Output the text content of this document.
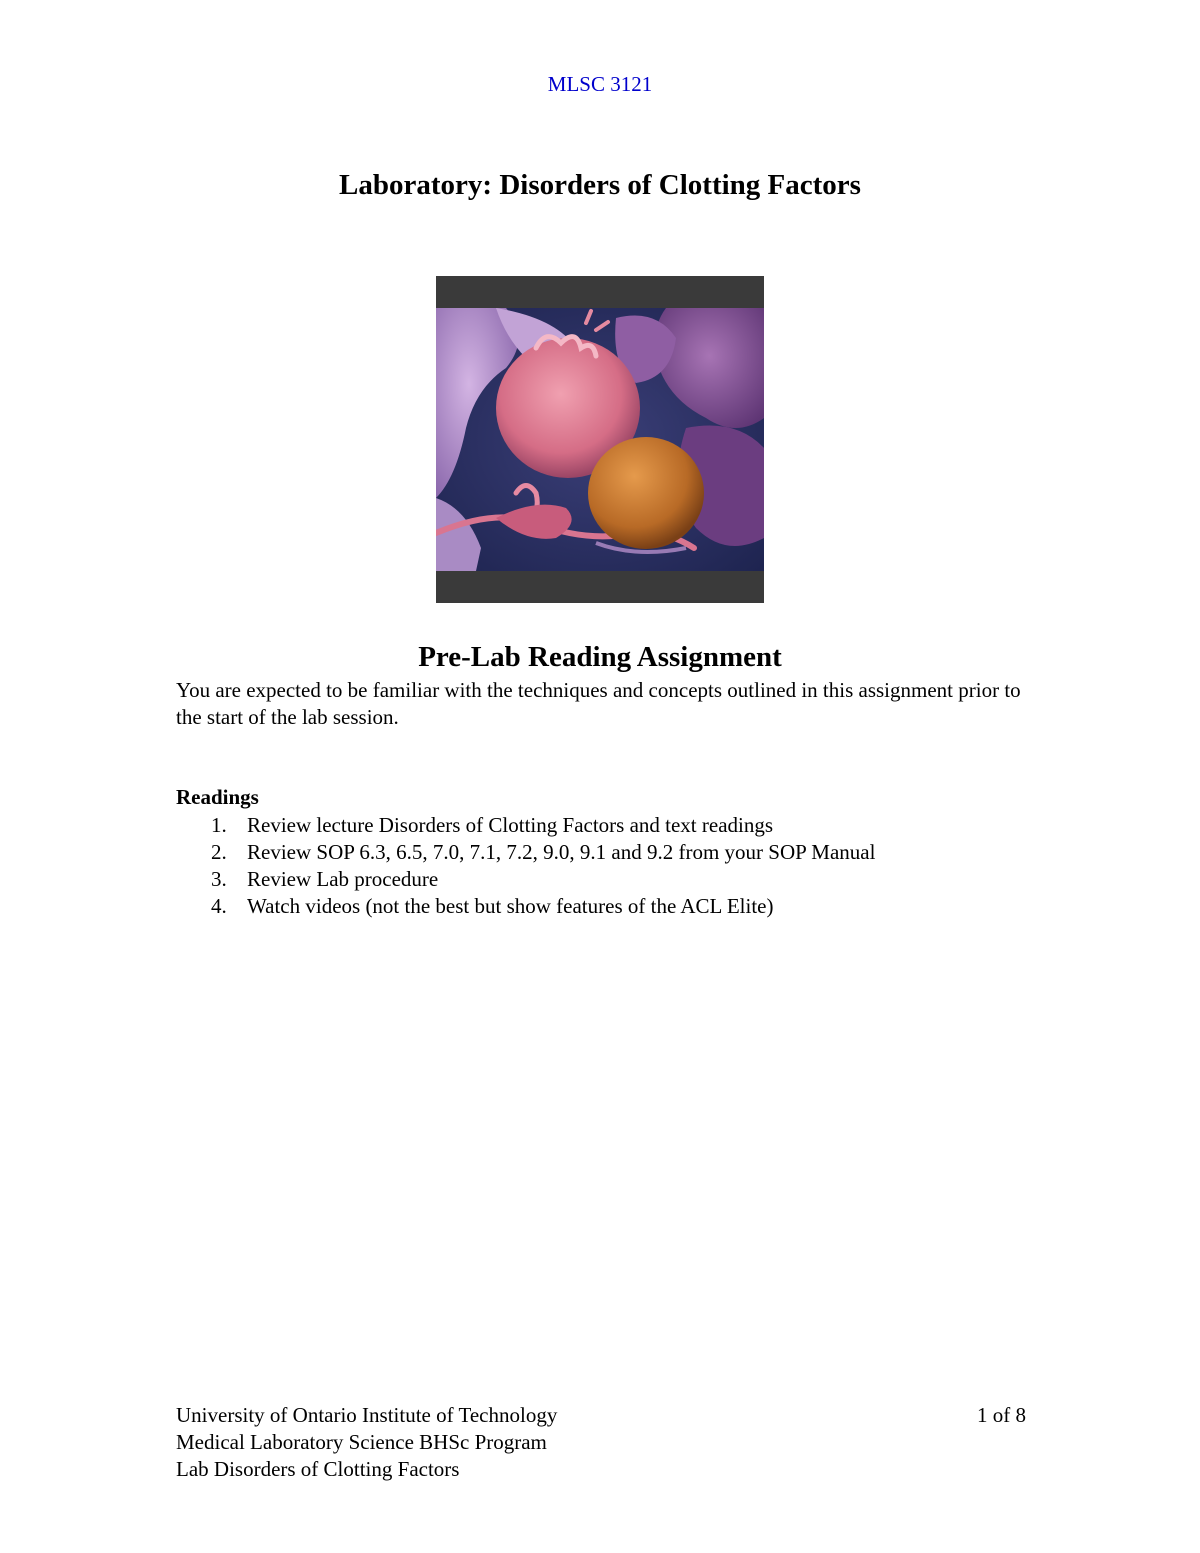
MLSC 3121
Laboratory: Disorders of Clotting Factors
Pre-Lab Reading Assignment
You are expected to be familiar with the techniques and concepts outlined in this assignment prior to the start of the lab session.
Readings
1. Review lecture Disorders of Clotting Factors and text readings
2. Review SOP 6.3, 6.5, 7.0, 7.1, 7.2, 9.0, 9.1 and 9.2 from your SOP Manual
3. Review Lab procedure
4. Watch videos (not the best but show features of the ACL Elite)
University of Ontario Institute of Technology
Medical Laboratory Science BHSc Program
Lab Disorders of Clotting Factors
1 of 8
